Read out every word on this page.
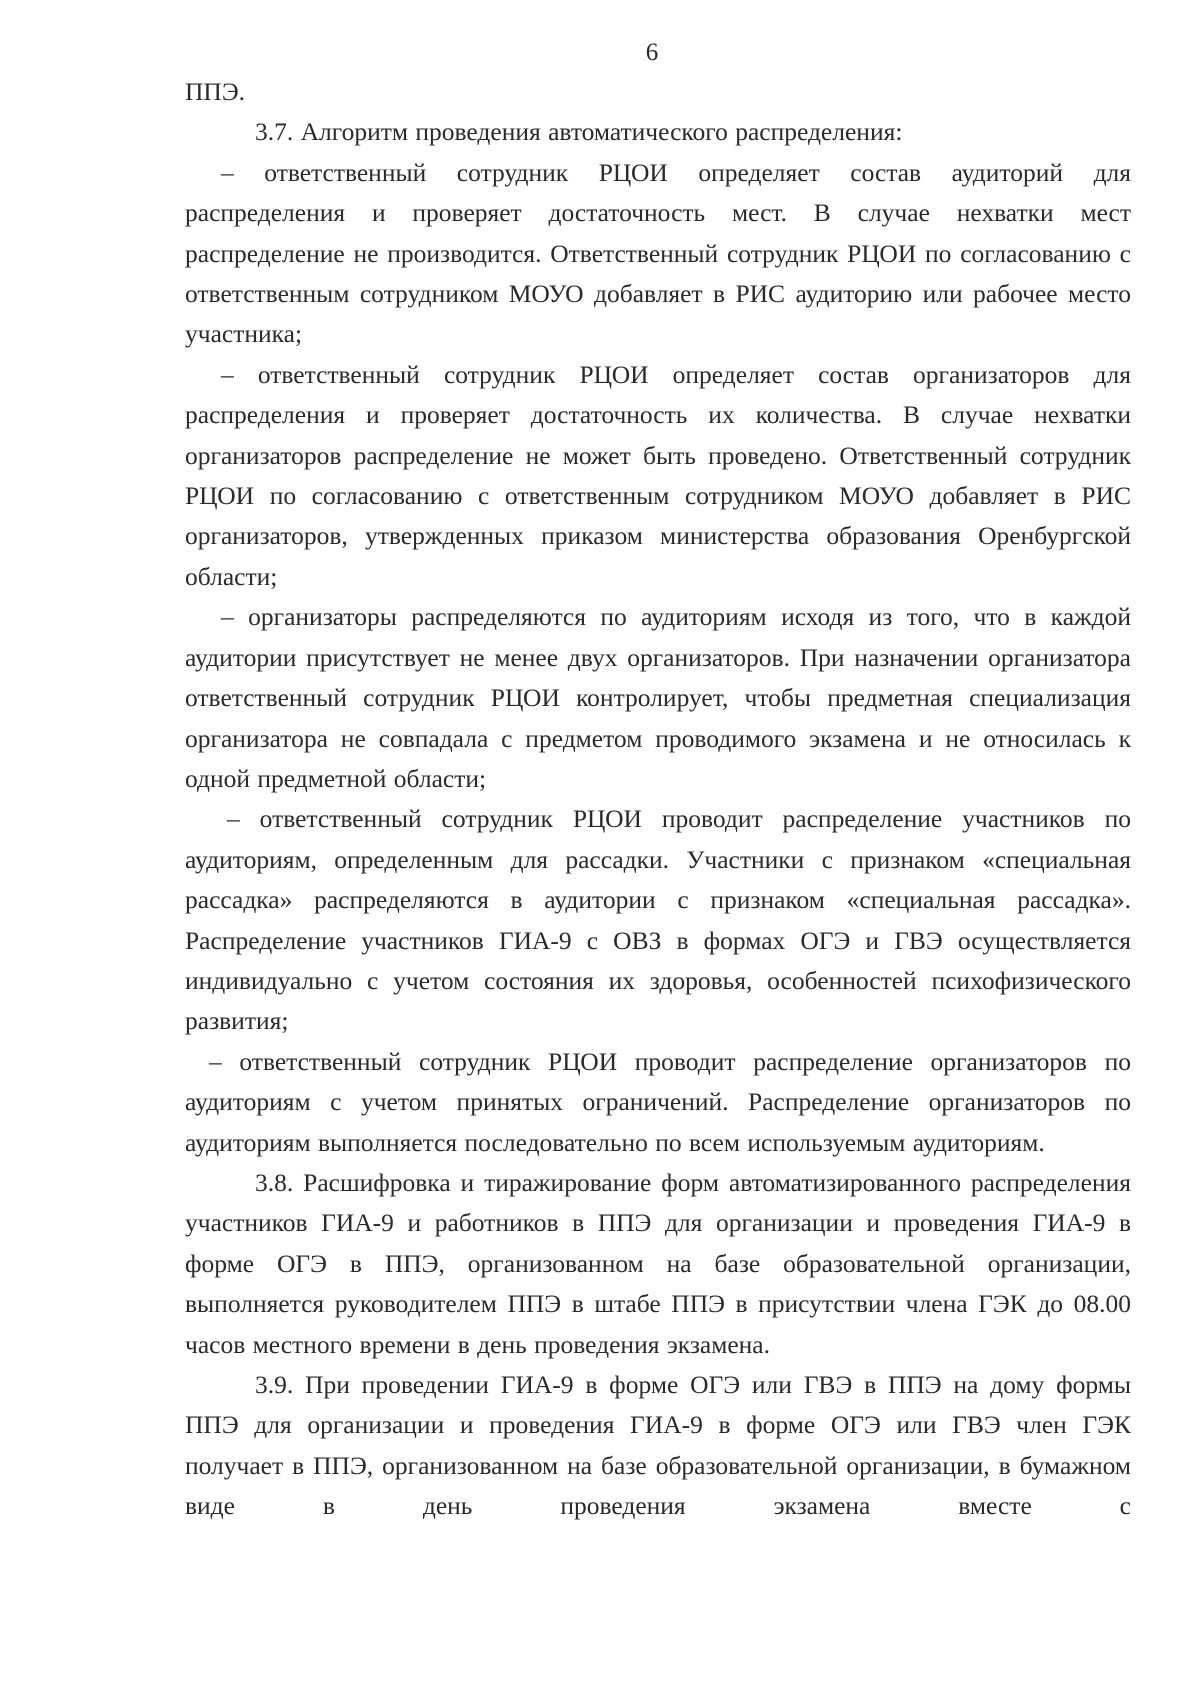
6

ППЭ.

3.7. Алгоритм проведения автоматического распределения:

– ответственный сотрудник РЦОИ определяет состав аудиторий для распределения и проверяет достаточность мест. В случае нехватки мест распределение не производится. Ответственный сотрудник РЦОИ по согласованию с ответственным сотрудником МОУО добавляет в РИС аудиторию или рабочее место участника;

– ответственный сотрудник РЦОИ определяет состав организаторов для распределения и проверяет достаточность их количества. В случае нехватки организаторов распределение не может быть проведено. Ответственный сотрудник РЦОИ по согласованию с ответственным сотрудником МОУО добавляет в РИС организаторов, утвержденных приказом министерства образования Оренбургской области;

– организаторы распределяются по аудиториям исходя из того, что в каждой аудитории присутствует не менее двух организаторов. При назначении организатора ответственный сотрудник РЦОИ контролирует, чтобы предметная специализация организатора не совпадала с предметом проводимого экзамена и не относилась к одной предметной области;

– ответственный сотрудник РЦОИ проводит распределение участников по аудиториям, определенным для рассадки. Участники с признаком «специальная рассадка» распределяются в аудитории с признаком «специальная рассадка». Распределение участников ГИА-9 с ОВЗ в формах ОГЭ и ГВЭ осуществляется индивидуально с учетом состояния их здоровья, особенностей психофизического развития;

– ответственный сотрудник РЦОИ проводит распределение организаторов по аудиториям с учетом принятых ограничений. Распределение организаторов по аудиториям выполняется последовательно по всем используемым аудиториям.

3.8. Расшифровка и тиражирование форм автоматизированного распределения участников ГИА-9 и работников в ППЭ для организации и проведения ГИА-9 в форме ОГЭ в ППЭ, организованном на базе образовательной организации, выполняется руководителем ППЭ в штабе ППЭ в присутствии члена ГЭК до 08.00 часов местного времени в день проведения экзамена.

3.9. При проведении ГИА-9 в форме ОГЭ или ГВЭ в ППЭ на дому формы ППЭ для организации и проведения ГИА-9 в форме ОГЭ или ГВЭ член ГЭК получает в ППЭ, организованном на базе образовательной организации, в бумажном виде в день проведения экзамена вместе с
